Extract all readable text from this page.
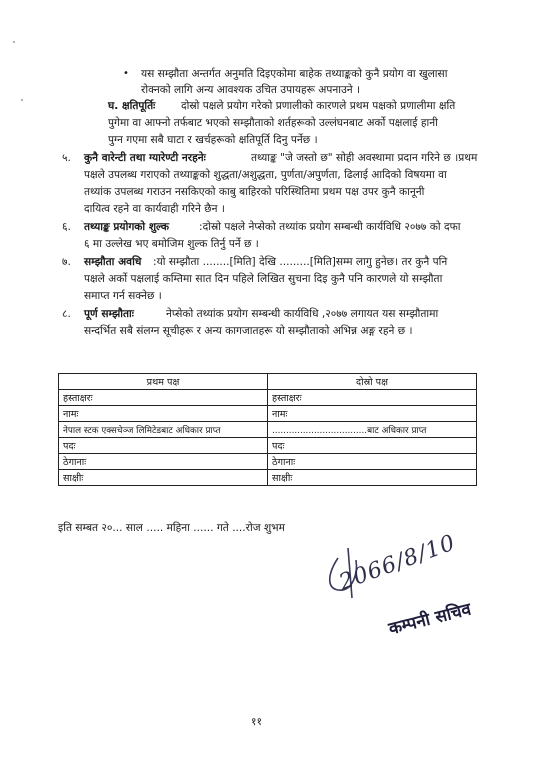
• यस सम्झौता अन्तर्गत अनुमति दिइएकोमा बाहेक तथ्याङ्कको कुनै प्रयोग वा खुलासा
रोक्नको लागि अन्य आवश्यक उचित उपायहरू अपनाउने ।
घ. क्षतिपूर्तिः दोस्रो पक्षले प्रयोग गरेको प्रणालीको कारणले प्रथम पक्षको प्रणालीमा क्षति
पुगेमा वा आफ्नो तर्फबाट भएको सम्झौताको शर्तहरूको उल्लंघनबाट अर्को पक्षलाई हानी
पुग्न गएमा सबै घाटा र खर्चहरूको क्षतिपूर्ति दिनु पर्नेछ ।
५. कुनै वारेन्टी तथा ग्यारेण्टी नरहनेः	तथ्याङ्क "जे जस्तो छ" सोही अवस्थामा प्रदान गरिने छ ।प्रथम
पक्षले उपलब्ध गराएको तथ्याङ्कको शुद्धता/अशुद्धता, पुर्णता/अपुर्णता, ढिलाई आदिको विषयमा वा
तथ्यांक उपलब्ध गराउन नसकिएको काबु बाहिरको परिस्थितिमा प्रथम पक्ष उपर कुनै कानूनी
दायित्व रहने वा कार्यवाही गरिने छैन ।
६. तथ्याङ्क प्रयोगको शुल्क	:दोस्रो पक्षले नेप्सेको तथ्यांक प्रयोग सम्बन्धी कार्यविधि २०७७ को दफा
६ मा उल्लेख भए बमोजिम शुल्क तिर्नु पर्ने छ ।
७. सम्झौता अवधि :यो सम्झौता ........[मिति] देखि .........[मिति]सम्म लागु हुनेछ। तर कुनै पनि
पक्षले अर्को पक्षलाई कम्तिमा सात दिन पहिले लिखित सुचना दिइ कुनै पनि कारणले यो सम्झौता
समाप्त गर्न सक्नेछ ।
८. पूर्ण सम्झौताः	नेप्सेको तथ्यांक प्रयोग सम्बन्धी कार्यविधि ,२०७७ लगायत यस सम्झौतामा
सन्दर्भित सबै संलग्न सूचीहरू र अन्य कागजातहरू यो सम्झौताको अभिन्न अङ्ग रहने छ ।
प्रथम पक्ष	दोस्रो पक्ष
हस्ताक्षरः	हस्ताक्षरः
नामः	नामः
नेपाल स्टक एक्सचेञ्ज लिमिटेडबाट अधिकार प्राप्त	..................................बाट अधिकार प्राप्त
पदः	पदः
ठेगानाः	ठेगानाः
साक्षीः	साक्षीः
इति सम्बत २०... साल ..... महिना ...... गते ....रोज शुभम
2066/8/10
कम्पनी सचिव
११
